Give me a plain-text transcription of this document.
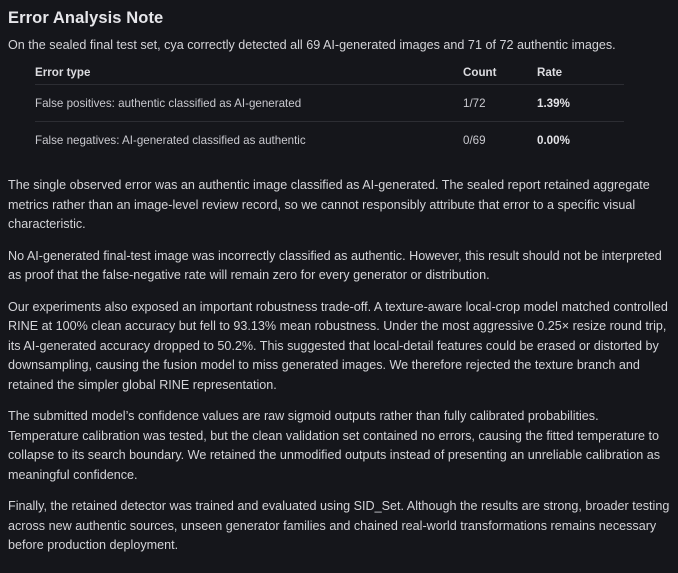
Error Analysis Note

On the sealed final test set, cya correctly detected all 69 AI-generated images and 71 of 72 authentic images.

Error type	Count	Rate
False positives: authentic classified as AI-generated	1/72	1.39%
False negatives: AI-generated classified as authentic	0/69	0.00%

The single observed error was an authentic image classified as AI-generated. The sealed report retained aggregate metrics rather than an image-level review record, so we cannot responsibly attribute that error to a specific visual characteristic.

No AI-generated final-test image was incorrectly classified as authentic. However, this result should not be interpreted as proof that the false-negative rate will remain zero for every generator or distribution.

Our experiments also exposed an important robustness trade-off. A texture-aware local-crop model matched controlled RINE at 100% clean accuracy but fell to 93.13% mean robustness. Under the most aggressive 0.25× resize round trip, its AI-generated accuracy dropped to 50.2%. This suggested that local-detail features could be erased or distorted by downsampling, causing the fusion model to miss generated images. We therefore rejected the texture branch and retained the simpler global RINE representation.

The submitted model’s confidence values are raw sigmoid outputs rather than fully calibrated probabilities. Temperature calibration was tested, but the clean validation set contained no errors, causing the fitted temperature to collapse to its search boundary. We retained the unmodified outputs instead of presenting an unreliable calibration as meaningful confidence.

Finally, the retained detector was trained and evaluated using SID_Set. Although the results are strong, broader testing across new authentic sources, unseen generator families and chained real-world transformations remains necessary before production deployment.
